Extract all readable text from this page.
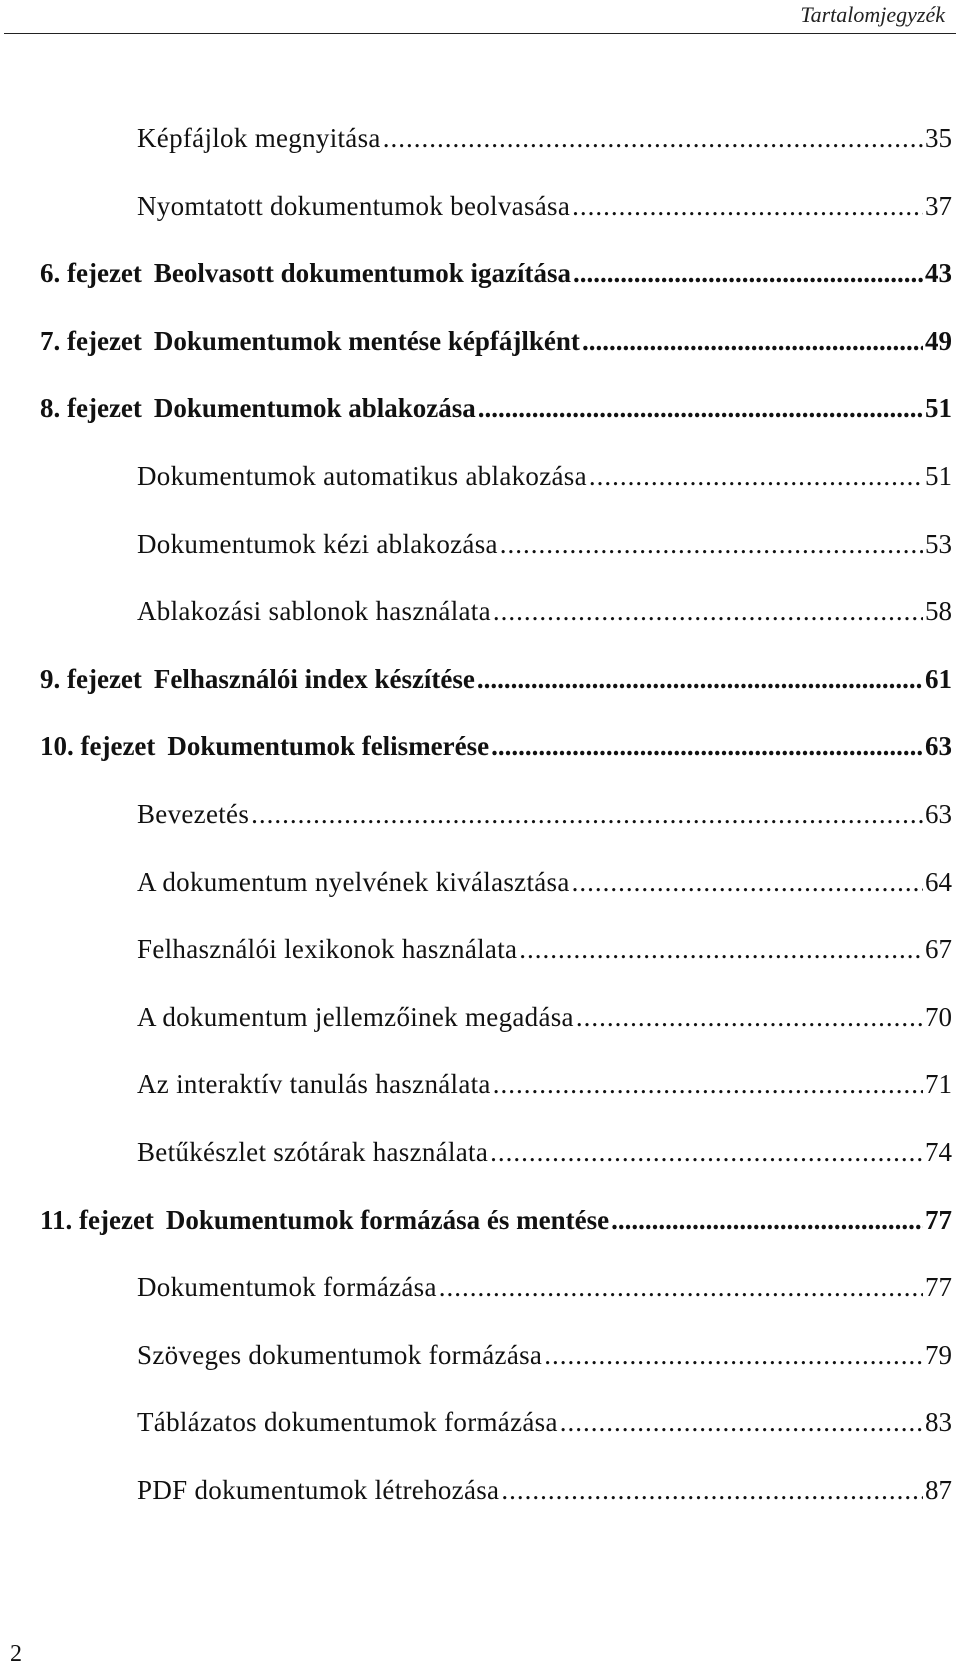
Tartalomjegyzék
Képfájlok megnyitása .....	35
Nyomtatott dokumentumok beolvasása .....	37
6. fejezet Beolvasott dokumentumok igazítása .....	43
7. fejezet Dokumentumok mentése képfájlként .....	49
8. fejezet Dokumentumok ablakozása .....	51
Dokumentumok automatikus ablakozása .....	51
Dokumentumok kézi ablakozása .....	53
Ablakozási sablonok használata .....	58
9. fejezet Felhasználói index készítése .....	61
10. fejezet Dokumentumok felismerése .....	63
Bevezetés .....	63
A dokumentum nyelvének kiválasztása .....	64
Felhasználói lexikonok használata .....	67
A dokumentum jellemzőinek megadása .....	70
Az interaktív tanulás használata .....	71
Betűkészlet szótárak használata .....	74
11. fejezet Dokumentumok formázása és mentése .....	77
Dokumentumok formázása .....	77
Szöveges dokumentumok formázása .....	79
Táblázatos dokumentumok formázása .....	83
PDF dokumentumok létrehozása .....	87
2
